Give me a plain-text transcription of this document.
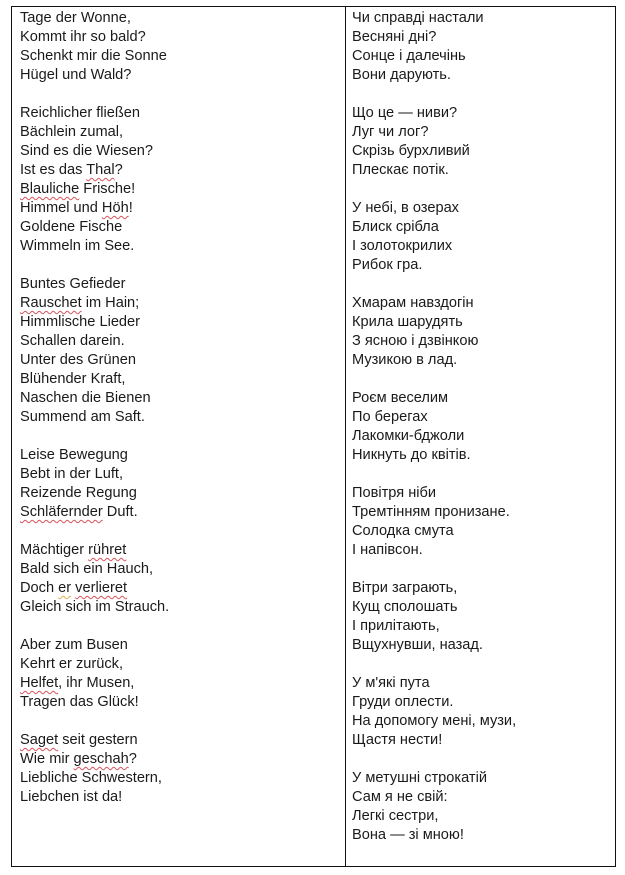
Tage der Wonne,
Kommt ihr so bald?
Schenkt mir die Sonne
Hügel und Wald?
Reichlicher fließen
Bächlein zumal,
Sind es die Wiesen?
Ist es das Thal?
Blauliche Frische!
Himmel und Höh!
Goldene Fische
Wimmeln im See.
Buntes Gefieder
Rauschet im Hain;
Himmlische Lieder
Schallen darein.
Unter des Grünen
Blühender Kraft,
Naschen die Bienen
Summend am Saft.
Leise Bewegung
Bebt in der Luft,
Reizende Regung
Schläfernder Duft.
Mächtiger rühret
Bald sich ein Hauch,
Doch er verlieret
Gleich sich im Strauch.
Aber zum Busen
Kehrt er zurück,
Helfet, ihr Musen,
Tragen das Glück!
Saget seit gestern
Wie mir geschah?
Liebliche Schwestern,
Liebchen ist da!
Чи справді настали
Весняні дні?
Сонце і далечінь
Вони дарують.
Що це — ниви?
Луг чи лог?
Скрізь бурхливий
Плескає потік.
У небі, в озерах
Блиск срібла
І золотокрилих
Рибок гра.
Хмарам навздогін
Крила шарудять
З ясною і дзвінкою
Музикою в лад.
Роєм веселим
По берегах
Лакомки-бджоли
Никнуть до квітів.
Повітря ніби
Тремтінням пронизане.
Солодка смута
І напівсон.
Вітри заграють,
Кущ сполошать
І прилітають,
Вщухнувши, назад.
У м'які пута
Груди оплести.
На допомогу мені, музи,
Щастя нести!
У метушні строкатій
Сам я не свій:
Легкі сестри,
Вона — зі мною!
